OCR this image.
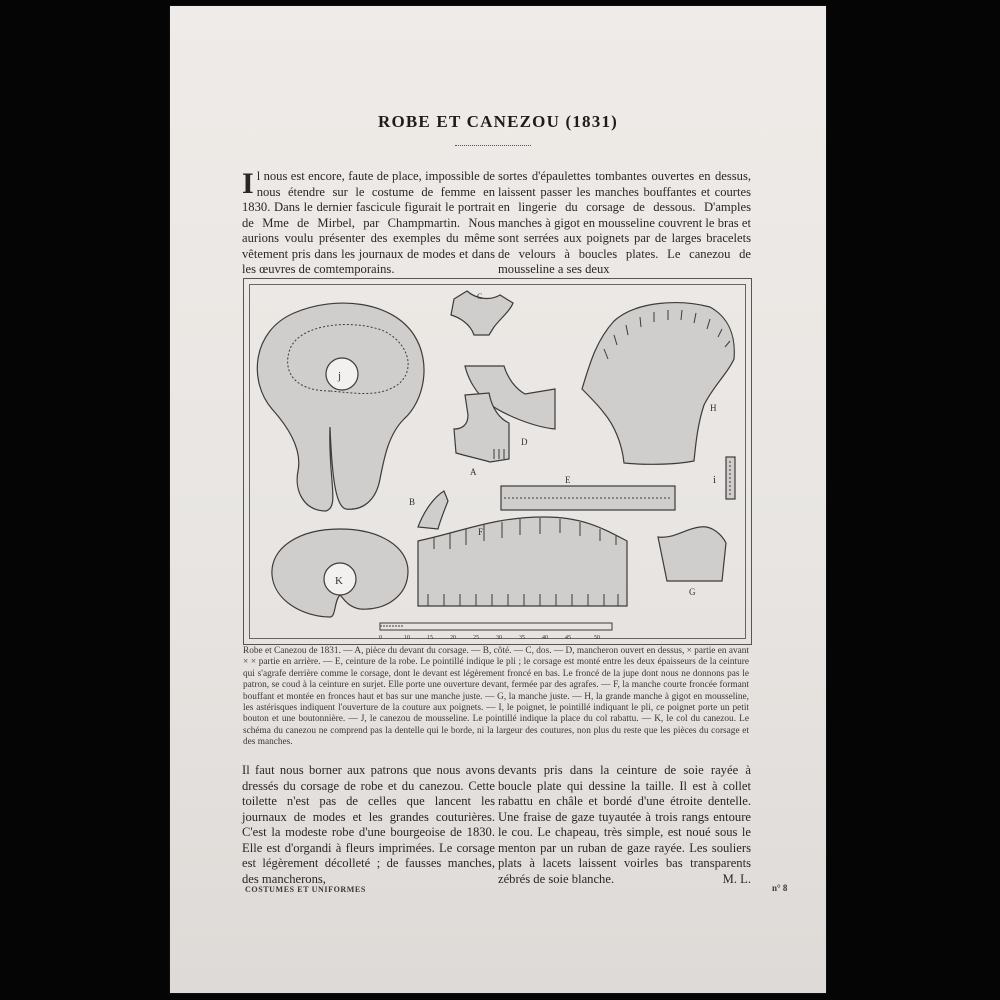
ROBE ET CANEZOU (1831)

Il nous est encore, faute de place, impossible de nous étendre sur le costume de femme en 1830. Dans le dernier fascicule figurait le portrait de Mme de Mirbel, par Champmartin. Nous aurions voulu présenter des exemples du même vêtement pris dans les journaux de modes et dans les œuvres de comtemporains.

sortes d'épaulettes tombantes ouvertes en dessus, laissent passer les manches bouffantes et courtes en lingerie du corsage de dessous. D'amples manches à gigot en mousseline couvrent le bras et sont serrées aux poignets par de larges bracelets de velours à boucles plates. Le canezou de mousseline a ses deux

0	10	15	20	25	30	35	40	45	50
j
K
C
D
A
B
H
E	i
F
G
Robe et Canezou de 1831. — A, pièce du devant du corsage. — B, côté. — C, dos. — D, mancheron ouvert en dessus, × partie en avant × × partie en arrière. — E, ceinture de la robe. Le pointillé indique le pli ; le corsage est monté entre les deux épaisseurs de la ceinture qui s'agrafe derrière comme le corsage, dont le devant est légèrement froncé en bas. Le froncé de la jupe dont nous ne donnons pas le patron, se coud à la ceinture en surjet. Elle porte une ouverture devant, fermée par des agrafes. — F, la manche courte froncée formant bouffant et montée en fronces haut et bas sur une manche juste. — G, la manche juste. — H, la grande manche à gigot en mousseline, les astérisques indiquent l'ouverture de la couture aux poignets. — I, le poignet, le pointillé indiquant le pli, ce poignet porte un petit bouton et une boutonnière. — J, le canezou de mousseline. Le pointillé indique la place du col rabattu. — K, le col du canezou. Le schéma du canezou ne comprend pas la dentelle qui le borde, ni la largeur des coutures, non plus du reste que les pièces du corsage et des manches.

Il faut nous borner aux patrons que nous avons dressés du corsage de robe et du canezou. Cette toilette n'est pas de celles que lancent les journaux de modes et les grandes couturières. C'est la modeste robe d'une bourgeoise de 1830. Elle est d'organdi à fleurs imprimées. Le corsage est légèrement décolleté ; de fausses manches, des mancherons,

devants pris dans la ceinture de soie rayée à boucle plate qui dessine la taille. Il est à collet rabattu en châle et bordé d'une étroite dentelle. Une fraise de gaze tuyautée à trois rangs entoure le cou. Le chapeau, très simple, est noué sous le menton par un ruban de gaze rayée. Les souliers plats à lacets laissent voirles bas transparents zébrés de soie blanche.	M. L.

COSTUMES ET UNIFORMES	n° 8
